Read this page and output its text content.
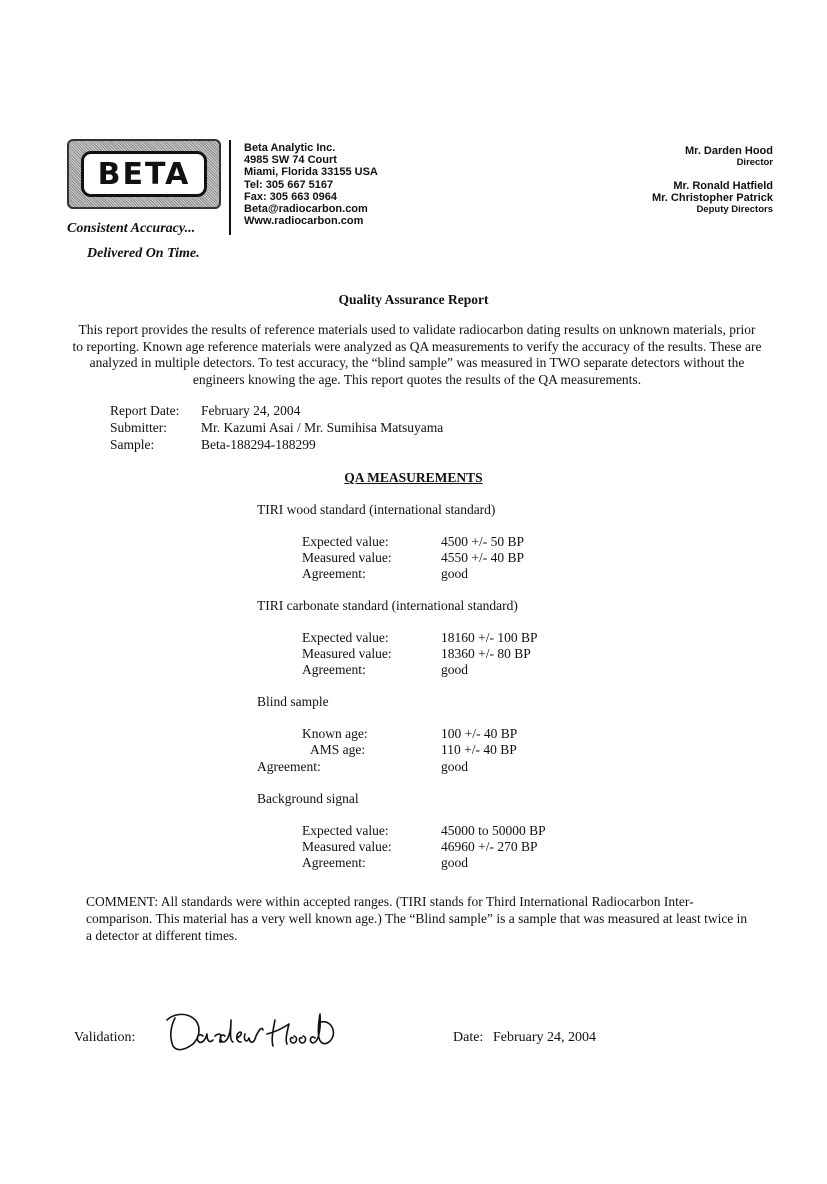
BETA
Consistent Accuracy...
Delivered On Time.
Beta Analytic Inc.
4985 SW 74 Court
Miami, Florida 33155 USA
Tel: 305 667 5167
Fax: 305 663 0964
Beta@radiocarbon.com
Www.radiocarbon.com
Mr. Darden Hood
Director
Mr. Ronald Hatfield
Mr. Christopher Patrick
Deputy Directors
Quality Assurance Report
This report provides the results of reference materials used to validate radiocarbon dating results on unknown materials, prior to reporting. Known age reference materials were analyzed as QA measurements to verify the accuracy of the results. These are analyzed in multiple detectors. To test accuracy, the “blind sample” was measured in TWO separate detectors without the engineers knowing the age. This report quotes the results of the QA measurements.
Report Date: February 24, 2004
Submitter:	Mr. Kazumi Asai / Mr. Sumihisa Matsuyama
Sample:	Beta-188294-188299
QA MEASUREMENTS
TIRI wood standard (international standard)
Expected value:	4500 +/- 50 BP
Measured value:	4550 +/- 40 BP
Agreement:	good
TIRI carbonate standard (international standard)
Expected value:	18160 +/- 100 BP
Measured value:	18360 +/- 80 BP
Agreement:	good
Blind sample
Known age:	100 +/- 40 BP
AMS age:	110 +/- 40 BP
Agreement:	good
Background signal
Expected value:	45000 to 50000 BP
Measured value:	46960 +/- 270 BP
Agreement:	good
COMMENT: All standards were within accepted ranges. (TIRI stands for Third International Radiocarbon Inter-comparison. This material has a very well known age.) The “Blind sample” is a sample that was measured at least twice in a detector at different times.
Validation:	Date: February 24, 2004
